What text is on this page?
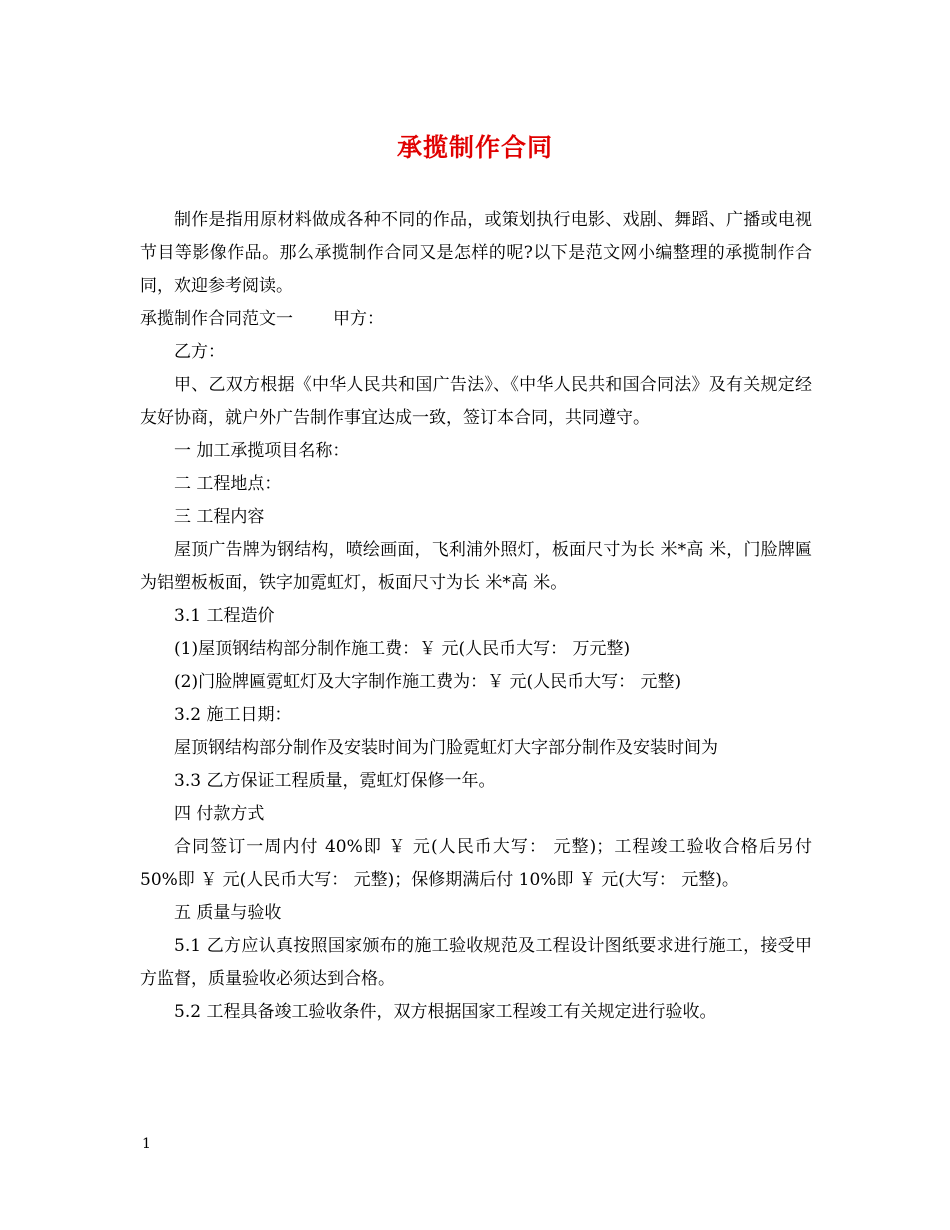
承揽制作合同

制作是指用原材料做成各种不同的作品，或策划执行电影、戏剧、舞蹈、广播或电视节目等影像作品。那么承揽制作合同又是怎样的呢?以下是范文网小编整理的承揽制作合同，欢迎参考阅读。

承揽制作合同范文一 甲方：

乙方：

甲、乙双方根据《中华人民共和国广告法》、《中华人民共和国合同法》及有关规定经友好协商，就户外广告制作事宜达成一致，签订本合同，共同遵守。

一 加工承揽项目名称：

二 工程地点：

三 工程内容

屋顶广告牌为钢结构，喷绘画面，飞利浦外照灯，板面尺寸为长 米*高 米，门脸牌匾为铝塑板板面，铁字加霓虹灯，板面尺寸为长 米*高 米。

3.1 工程造价

(1)屋顶钢结构部分制作施工费：￥ 元(人民币大写： 万元整)

(2)门脸牌匾霓虹灯及大字制作施工费为：￥ 元(人民币大写： 元整)

3.2 施工日期：

屋顶钢结构部分制作及安装时间为门脸霓虹灯大字部分制作及安装时间为

3.3 乙方保证工程质量，霓虹灯保修一年。

四 付款方式

合同签订一周内付 40%即 ￥ 元(人民币大写： 元整)；工程竣工验收合格后另付 50%即 ￥ 元(人民币大写： 元整)；保修期满后付 10%即 ￥ 元(大写： 元整)。

五 质量与验收

5.1 乙方应认真按照国家颁布的施工验收规范及工程设计图纸要求进行施工，接受甲方监督，质量验收必须达到合格。

5.2 工程具备竣工验收条件，双方根据国家工程竣工有关规定进行验收。

1
